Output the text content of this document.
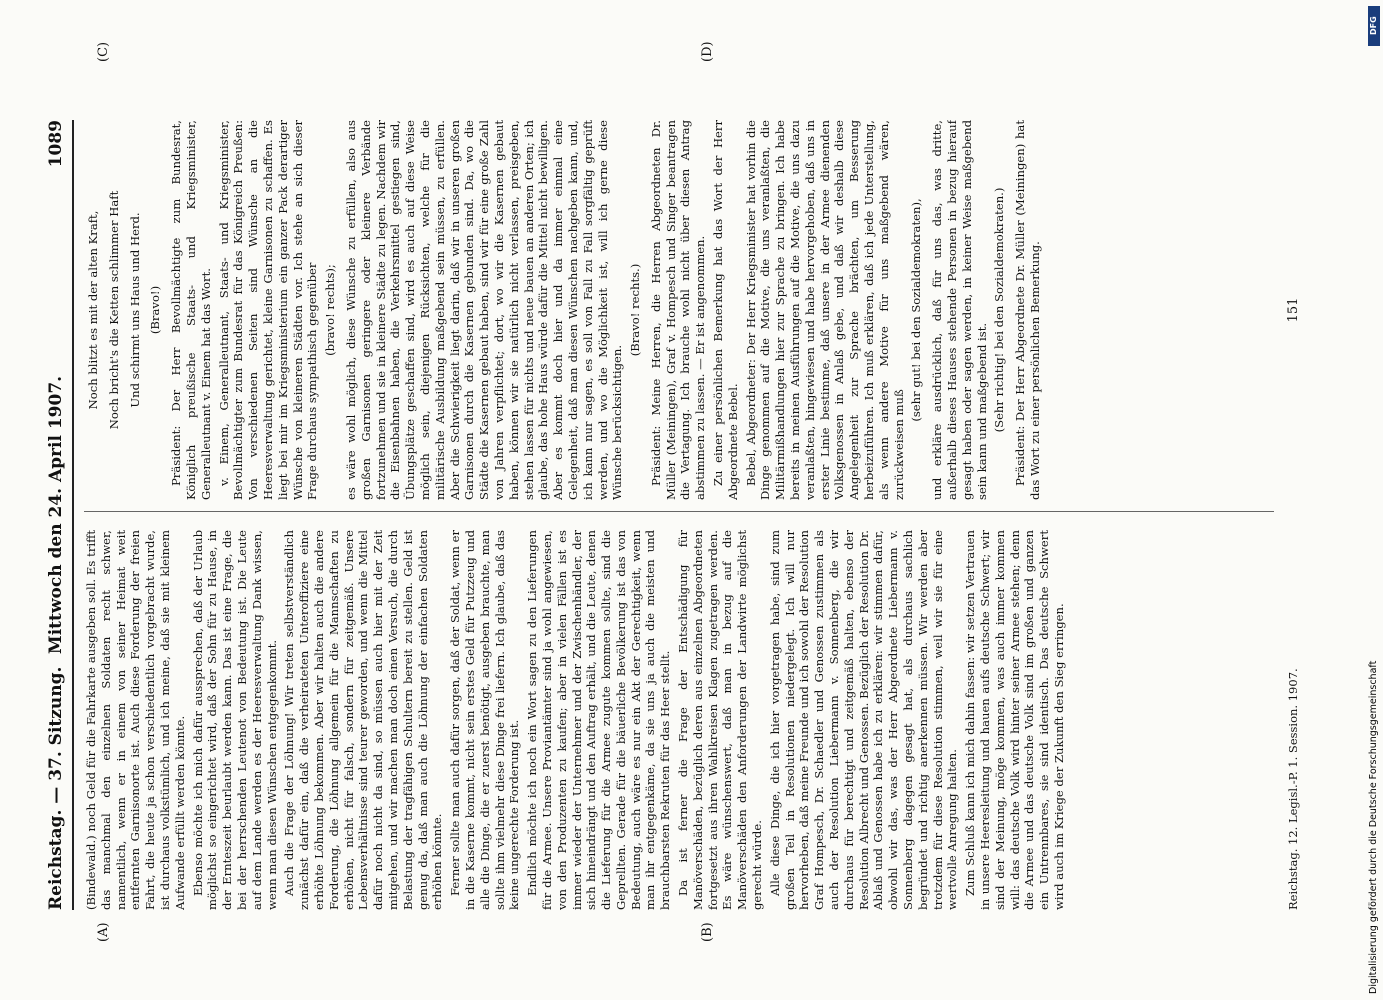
Reichstag. — 37. Sitzung.
Mittwoch den 24. April 1907.
1089
(A)	(B)
(C)	(D)

(Bindewald.) noch Geld für die Fahrkarte ausgeben soll. Es trifft das manchmal den einzelnen Soldaten recht schwer, namentlich, wenn er in einem von seiner Heimat weit entfernten Garnisonorte ist. Auch diese Forderung der freien Fahrt, die heute ja schon verschiedentlich vorgebracht wurde, ist durchaus volkstümlich, und ich meine, daß sie mit kleinem Aufwande erfüllt werden könnte. Ebenso möchte ich mich dafür aussprechen, daß der Urlaub möglichst so eingerichtet wird, daß der Sohn für zu Hause, in der Ernteszeit beurlaubt werden kann. Das ist eine Frage, die bei der herrschenden Leutenot von Bedeutung ist. Die Leute auf dem Lande werden es der Heeresverwaltung Dank wissen, wenn man diesen Wünschen entgegenkommt. Auch die Frage der Löhnung! Wir treten selbstverständlich zunächst dafür ein, daß die verheirateten Unteroffiziere eine erhöhte Löhnung bekommen. Aber wir halten auch die andere Forderung, die Löhnung allgemein für die Mannschaften zu erhöhen, nicht für falsch, sondern für zeitgemäß. Unsere Lebensverhältnisse sind teurer geworden, und wenn die Mittel dafür noch nicht da sind, so müssen auch hier mit der Zeit mitgehen, und wir machen man doch einen Versuch, die durch Belastung der tragfähigen Schultern bereit zu stellen. Geld ist genug da, daß man auch die Löhnung der einfachen Soldaten erhöhen könnte. Ferner sollte man auch dafür sorgen, daß der Soldat, wenn er in die Kaserne kommt, nicht sein erstes Geld für Putzzeug und alle die Dinge, die er zuerst benötigt, ausgeben brauchte, man sollte ihm vielmehr diese Dinge frei liefern. Ich glaube, daß das keine ungerechte Forderung ist. Endlich möchte ich noch ein Wort sagen zu den Lieferungen für die Armee. Unsere Proviantämter sind ja wohl angewiesen, von den Produzenten zu kaufen; aber in vielen Fällen ist es immer wieder der Unternehmer und der Zwischenhändler, der sich hineindrängt und den Auftrag erhält, und die Leute, denen die Lieferung für die Armee zugute kommen sollte, sind die Geprellten. Gerade für die bäuerliche Bevölkerung ist das von Bedeutung, auch wäre es nur ein Akt der Gerechtigkeit, wenn man ihr entgegenkäme, da sie uns ja auch die meisten und brauchbarsten Rekruten für das Heer stellt. Da ist ferner die Frage der Entschädigung für Manöverschäden, bezüglich deren aus einzelnen Abgeordneten fortgesetzt aus ihren Wahlkreisen Klagen zugetragen werden. Es wäre wünschenswert, daß man in bezug auf die Manöverschäden den Anforderungen der Landwirte möglichst gerecht würde. Alle diese Dinge, die ich hier vorgetragen habe, sind zum großen Teil in Resolutionen niedergelegt. Ich will nur hervorheben, daß meine Freunde und ich sowohl der Resolution Graf Hompesch, Dr. Schaedler und Genossen zustimmen als auch der Resolution Liebermann v. Sonnenberg, die wir durchaus für berechtigt und zeitgemäß halten, ebenso der Resolution Albrecht und Genossen. Bezüglich der Resolution Dr. Ablaß und Genossen habe ich zu erklären: wir stimmen dafür, obwohl wir das, was der Herr Abgeordnete Liebermann v. Sonnenberg dagegen gesagt hat, als durchaus sachlich begründet und richtig anerkennen müssen. Wir werden aber trotzdem für diese Resolution stimmen, weil wir sie für eine wertvolle Anregung halten. Zum Schluß kann ich mich dahin fassen: wir setzen Vertrauen in unsere Heeresleitung und hauen aufs deutsche Schwert; wir sind der Meinung, möge kommen, was auch immer kommen will: das deutsche Volk wird hinter seiner Armee stehen; denn die Armee und das deutsche Volk sind im großen und ganzen ein Untrennbares, sie sind identisch. Das deutsche Schwert wird auch im Kriege der Zukunft den Sieg erringen.

Noch blitzt es mit der alten Kraft, Noch bricht's die Ketten schlimmer Haft Und schirmt uns Haus und Herd. (Bravo!) Präsident: Der Herr Bevollmächtigte zum Bundesrat, Königlich preußische Staats- und Kriegsminister, Generalleutnant v. Einem hat das Wort. v. Einem, Generalleutnant, Staats- und Kriegsminister, Bevollmächtigter zum Bundesrat für das Königreich Preußen: Von verschiedenen Seiten sind Wünsche an die Heeresverwaltung gerichtet, kleine Garnisonen zu schaffen. Es liegt bei mir im Kriegsministerium ein ganzer Pack derartiger Wünsche von kleineren Städten vor. Ich stehe an sich dieser Frage durchaus sympathisch gegenüber (bravo! rechts); es wäre wohl möglich, diese Wünsche zu erfüllen, also aus großen Garnisonen geringere oder kleinere Verbände fortzunehmen und sie in kleinere Städte zu legen. Nachdem wir die Eisenbahnen haben, die Verkehrsmittel gestiegen sind, Übungsplätze geschaffen sind, wird es auch auf diese Weise möglich sein, diejenigen Rücksichten, welche für die militärische Ausbildung maßgebend sein müssen, zu erfüllen. Aber die Schwierigkeit liegt darin, daß wir in unseren großen Garnisonen durch die Kasernen gebunden sind. Da, wo die Städte die Kasernen gebaut haben, sind wir für eine große Zahl von Jahren verpflichtet; dort, wo wir die Kasernen gebaut haben, können wir sie natürlich nicht verlassen, preisgeben, stehen lassen für nichts und neue bauen an anderen Orten; ich glaube, das hohe Haus würde dafür die Mittel nicht bewilligen. Aber es kommt doch hier und da immer einmal eine Gelegenheit, daß man diesen Wünschen nachgeben kann, und, ich kann nur sagen, es soll von Fall zu Fall sorgfältig geprüft werden, und wo die Möglichkeit ist, will ich gerne diese Wünsche berücksichtigen.

(Bravo! rechts.) Präsident: Meine Herren, die Herren Abgeordneten Dr. Müller (Meiningen), Graf v. Hompesch und Singer beantragen die Vertagung. Ich brauche wohl nicht über diesen Antrag abstimmen zu lassen. — Er ist angenommen. Zu einer persönlichen Bemerkung hat das Wort der Herr Abgeordnete Bebel. Bebel, Abgeordneter: Der Herr Kriegsminister hat vorhin die Dinge genommen auf die Motive, die uns veranlaßten, die Militärmißhandlungen hier zur Sprache zu bringen. Ich habe bereits in meinen Ausführungen auf die Motive, die uns dazu veranlaßten, hingewiesen und habe hervorgehoben, daß uns in erster Linie bestimme, daß unsere in der Armee dienenden Volksgenossen in Anlaß gebe, und daß wir deshalb diese Angelegenheit zur Sprache brächten, um Besserung herbeizuführen. Ich muß erklären, daß ich jede Unterstellung, als wenn andere Motive für uns maßgebend wären, zurückweisen muß

(sehr gut! bei den Sozialdemokraten), und erkläre ausdrücklich, daß für uns das, was dritte, außerhalb dieses Hauses stehende Personen in bezug hierauf gesagt haben oder sagen werden, in keiner Weise maßgebend sein kann und maßgebend ist. (Sehr richtig! bei den Sozialdemokraten.) Präsident: Der Herr Abgeordnete Dr. Müller (Meiningen) hat das Wort zu einer persönlichen Bemerkung.

Reichstag. 12. Legisl.-P. 1. Session. 1907.
151
DFG
Digitalisierung gefördert durch die Deutsche Forschungsgemeinschaft
